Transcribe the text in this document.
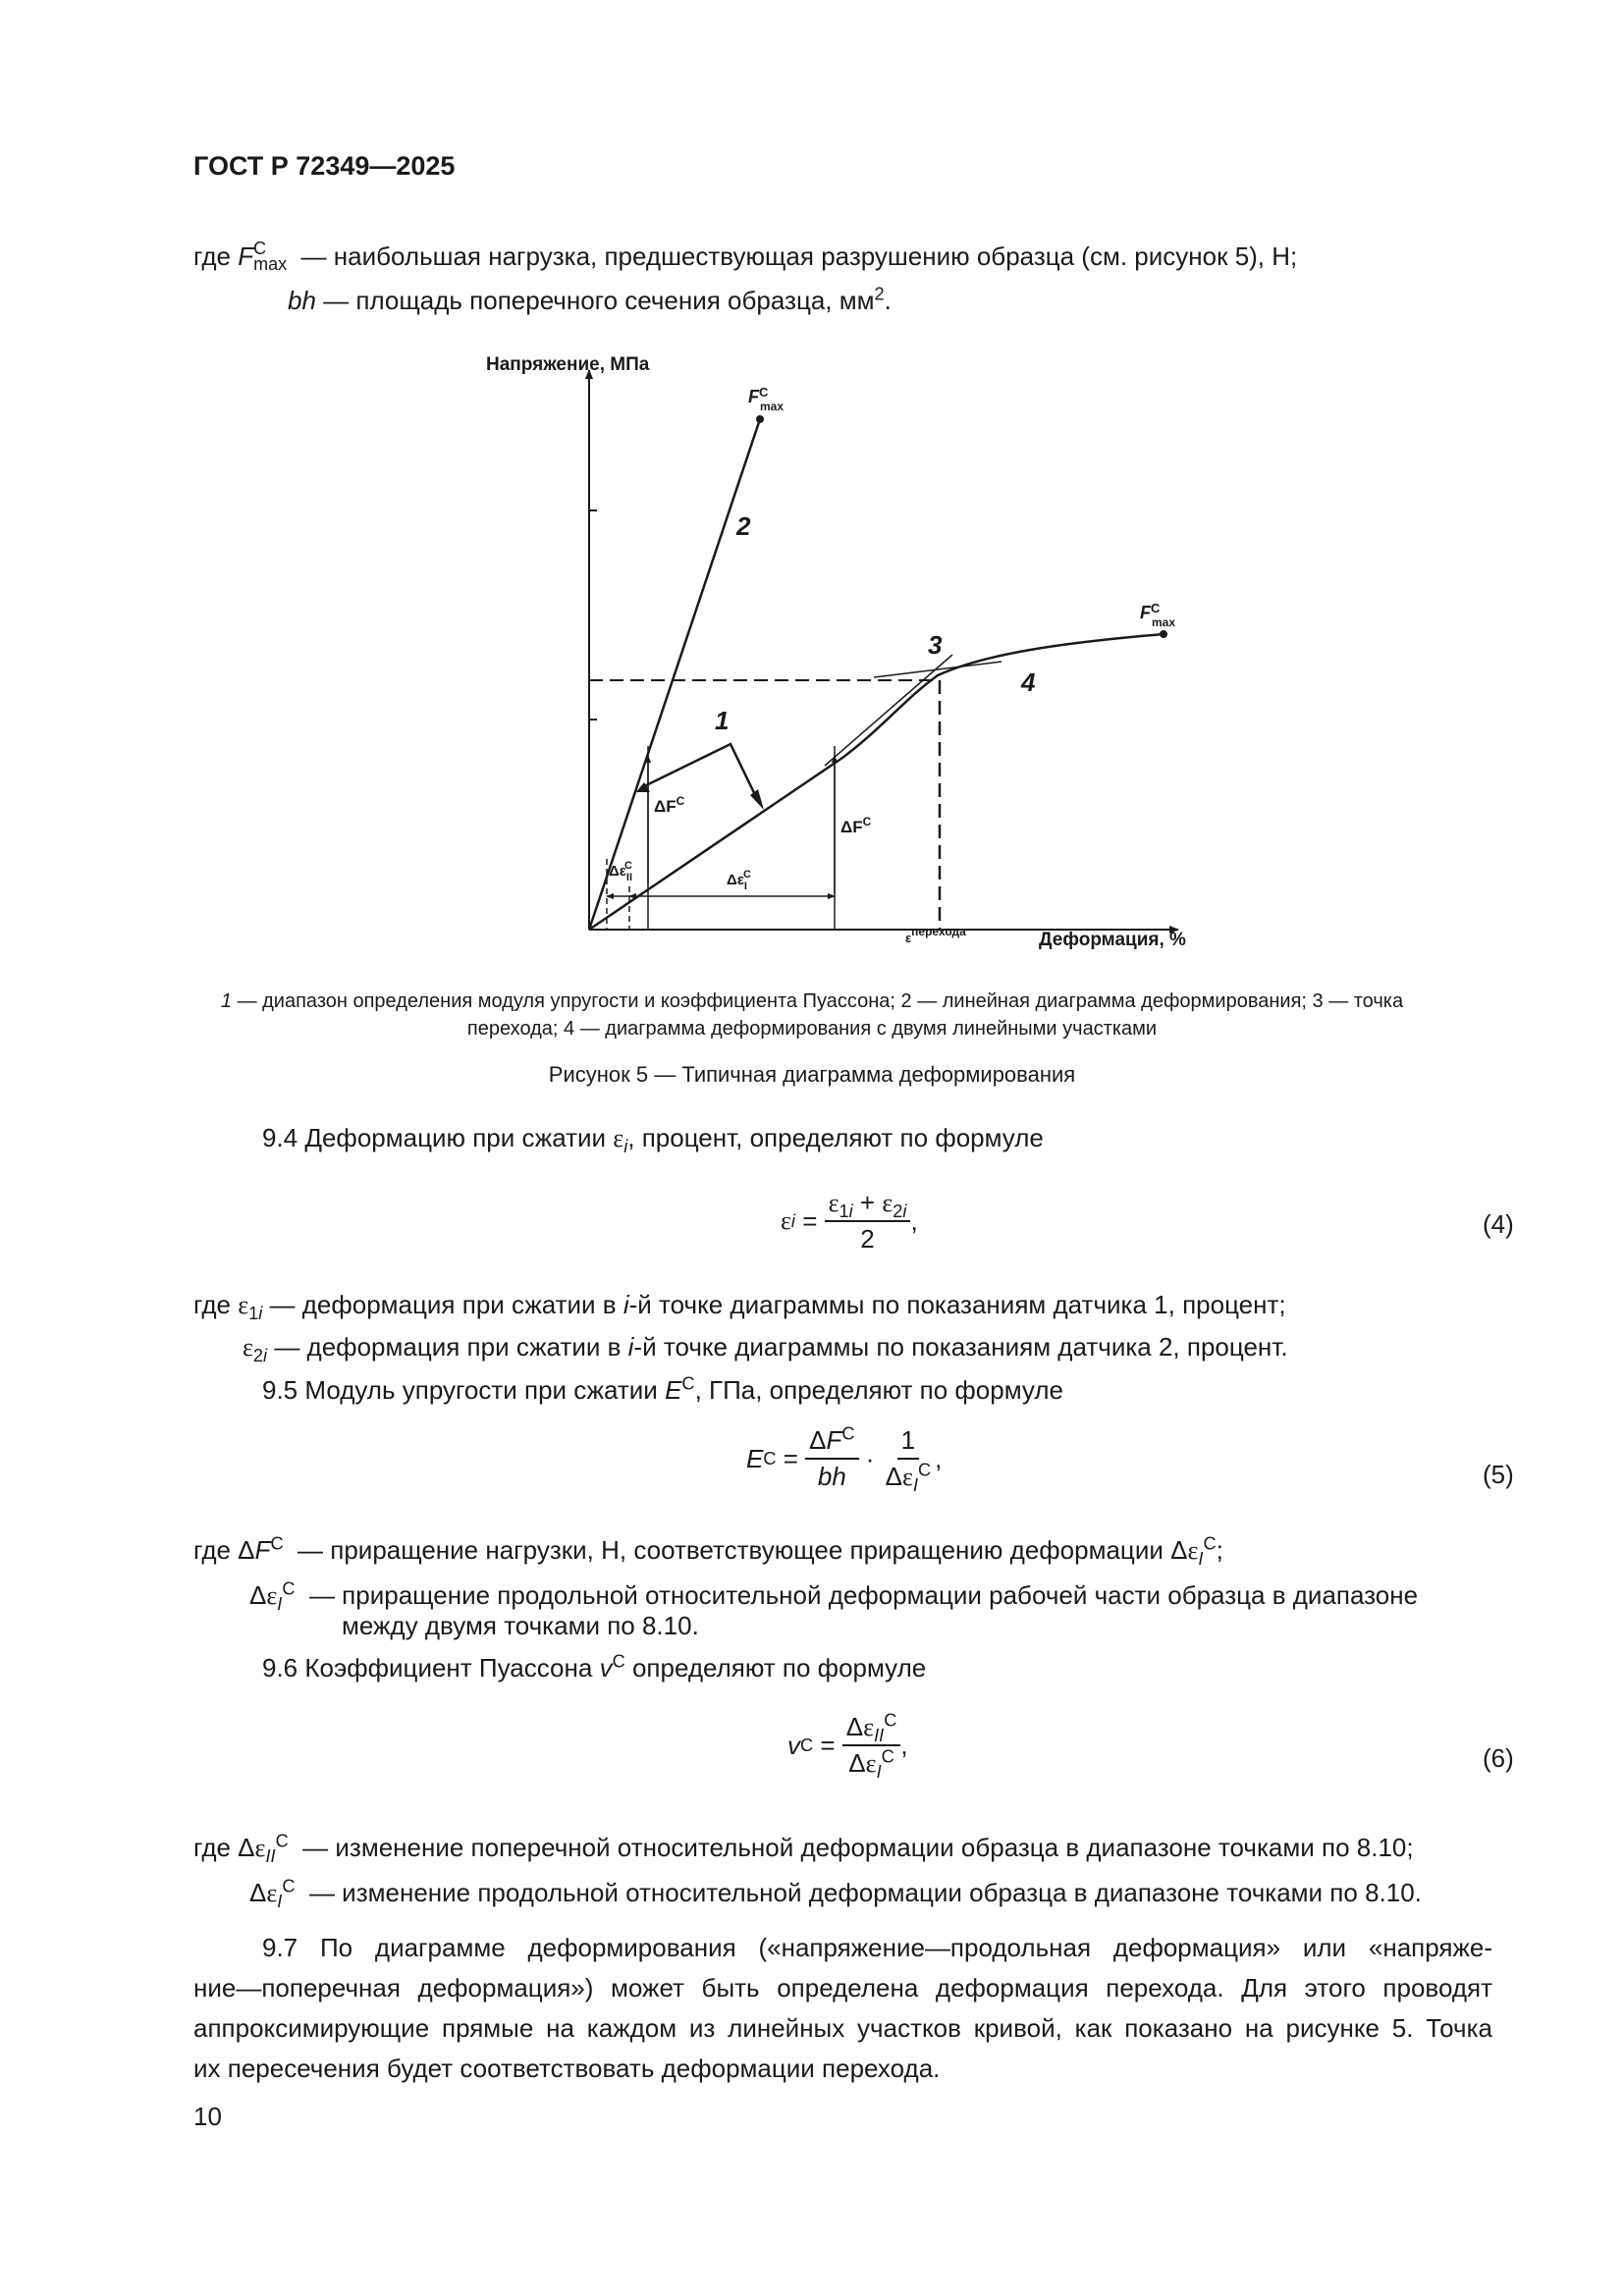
ГОСТ Р 72349—2025
где F C
max — наибольшая нагрузка, предшествующая разрушению образца (см. рисунок 5), Н;
bh — площадь поперечного сечения образца, $мм^2$.
Напряжение, МПа
Деформация, %
$\varepsilon^{перехода}$
F C
max
F C
max
2
1
3
4
$\Delta F^C$
$\Delta F^C$
$\Delta\varepsilon_{II}C$
$\Delta\varepsilon_IC$
1 — диапазон определения модуля упругости и коэффициента Пуассона; 2 — линейная диаграмма деформирования; 3 — точка
перехода; 4 — диаграмма деформирования с двумя линейными участками
Рисунок 5 — Типичная диаграмма деформирования
9.4 Деформацию при сжатии $\varepsilon_i$, процент, определяют по формуле
ε $i = \frac{\varepsilon_{1i} + \varepsilon_{2i}}{2}$ ,	(4)
где $\varepsilon_{1i}$ — деформация при сжатии в i-й точке диаграммы по показаниям датчика 1, процент;
$\varepsilon_{2i}$ — деформация при сжатии в i-й точке диаграммы по показаниям датчика 2, процент.
9.5 Модуль упругости при сжатии $E^C$, ГПа, определяют по формуле
E $C = \frac{\Delta F^C}{bh} \cdot \frac{1}{\Delta\varepsilon_I^C}$ ,
(5)
где $\Delta F^C$ — приращение нагрузки, Н, соответствующее приращению деформации $\Delta\varepsilon_I^C$;
$\Delta\varepsilon_I^C$ — приращение продольной относительной деформации рабочей части образца в диапазоне
между двумя точками по 8.10.
9.6 Коэффициент Пуассона $v^C$ определяют по формуле
v $C = \frac{\Delta\varepsilon_{II}^C}{\Delta\varepsilon_I^C}$ ,	(6)
где $\Delta\varepsilon_{II}^C$ — изменение поперечной относительной деформации образца в диапазоне точками по 8.10;
$\Delta\varepsilon_I^C$ — изменение продольной относительной деформации образца в диапазоне точками по 8.10.
9.7 По диаграмме деформирования («напряжение—продольная деформация» или «напряже-
ние—поперечная деформация») может быть определена деформация перехода. Для этого проводят
аппроксимирующие прямые на каждом из линейных участков кривой, как показано на рисунке 5. Точка
их пересечения будет соответствовать деформации перехода.
10
